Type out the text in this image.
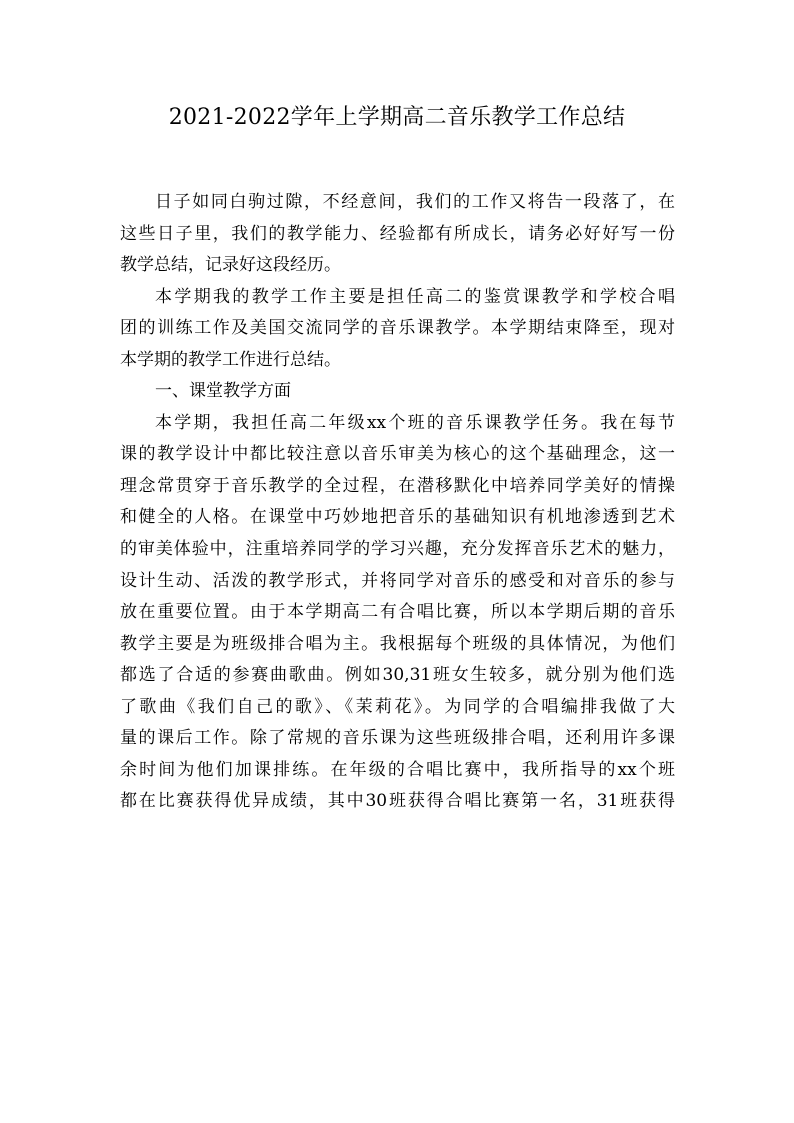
2021-2022学年上学期高二音乐教学工作总结
日子如同白驹过隙，不经意间，我们的工作又将告一段落了，在
这些日子里，我们的教学能力、经验都有所成长，请务必好好写一份
教学总结，记录好这段经历。
本学期我的教学工作主要是担任高二的鉴赏课教学和学校合唱
团的训练工作及美国交流同学的音乐课教学。本学期结束降至，现对
本学期的教学工作进行总结。
一、课堂教学方面
本学期，我担任高二年级xx个班的音乐课教学任务。我在每节
课的教学设计中都比较注意以音乐审美为核心的这个基础理念，这一
理念常贯穿于音乐教学的全过程，在潜移默化中培养同学美好的情操
和健全的人格。在课堂中巧妙地把音乐的基础知识有机地渗透到艺术
的审美体验中，注重培养同学的学习兴趣，充分发挥音乐艺术的魅力，
设计生动、活泼的教学形式，并将同学对音乐的感受和对音乐的参与
放在重要位置。由于本学期高二有合唱比赛，所以本学期后期的音乐
教学主要是为班级排合唱为主。我根据每个班级的具体情况，为他们
都选了合适的参赛曲歌曲。例如30,31班女生较多，就分别为他们选
了歌曲《我们自己的歌》、《茉莉花》。为同学的合唱编排我做了大
量的课后工作。除了常规的音乐课为这些班级排合唱，还利用许多课
余时间为他们加课排练。在年级的合唱比赛中，我所指导的xx个班
都在比赛获得优异成绩，其中30班获得合唱比赛第一名，31班获得
